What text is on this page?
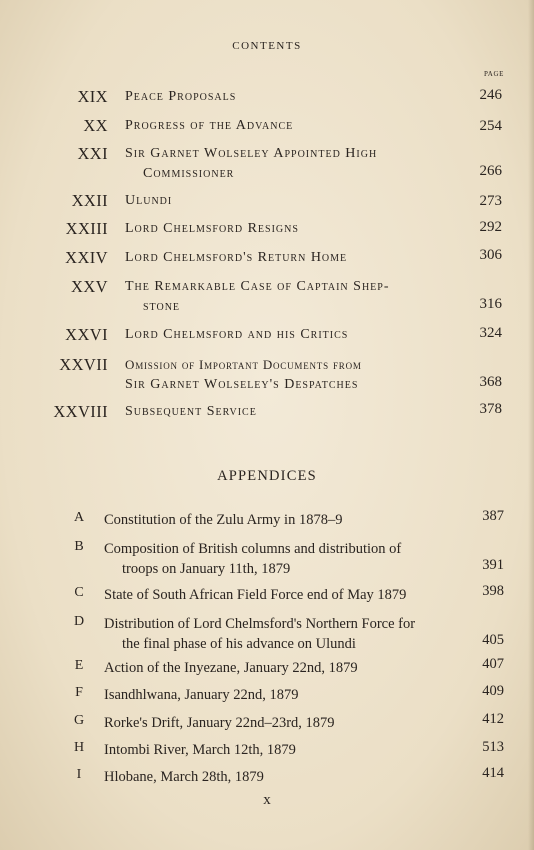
CONTENTS
PAGE
XIX Peace Proposals	246
XX Progress of the Advance	254
XXI Sir Garnet Wolseley Appointed High
Commissioner	266
XXII Ulundi	273
XXIII Lord Chelmsford Resigns	292
XXIV Lord Chelmsford's Return Home	306
XXV The Remarkable Case of Captain Shep-
stone	316
XXVI Lord Chelmsford and his Critics	324
XXVII Omission of Important Documents from
Sir Garnet Wolseley's Despatches	368
XXVIII Subsequent Service	378
APPENDICES
A	Constitution of the Zulu Army in 1878–9	387
B	Composition of British columns and distribution of
troops on January 11th, 1879	391
C	State of South African Field Force end of May 1879	398
D	Distribution of Lord Chelmsford's Northern Force for
the final phase of his advance on Ulundi	405
E	Action of the Inyezane, January 22nd, 1879	407
F	Isandhlwana, January 22nd, 1879	409
G	Rorke's Drift, January 22nd–23rd, 1879	412
H	Intombi River, March 12th, 1879	513
I	Hlobane, March 28th, 1879	414
x
